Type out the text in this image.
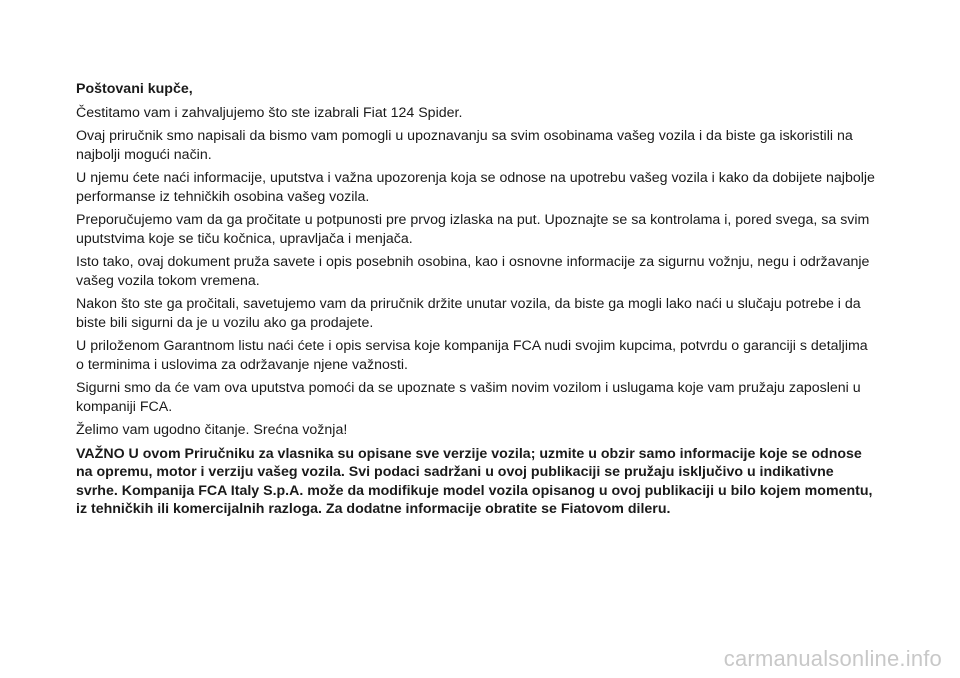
Poštovani kupče,

Čestitamo vam i zahvaljujemo što ste izabrali Fiat 124 Spider.

Ovaj priručnik smo napisali da bismo vam pomogli u upoznavanju sa svim osobinama vašeg vozila i da biste ga iskoristili na najbolji mogući način.

U njemu ćete naći informacije, uputstva i važna upozorenja koja se odnose na upotrebu vašeg vozila i kako da dobijete najbolje performanse iz tehničkih osobina vašeg vozila.

Preporučujemo vam da ga pročitate u potpunosti pre prvog izlaska na put. Upoznajte se sa kontrolama i, pored svega, sa svim uputstvima koje se tiču kočnica, upravljača i menjača.

Isto tako, ovaj dokument pruža savete i opis posebnih osobina, kao i osnovne informacije za sigurnu vožnju, negu i održavanje vašeg vozila tokom vremena.

Nakon što ste ga pročitali, savetujemo vam da priručnik držite unutar vozila, da biste ga mogli lako naći u slučaju potrebe i da biste bili sigurni da je u vozilu ako ga prodajete.

U priloženom Garantnom listu naći ćete i opis servisa koje kompanija FCA nudi svojim kupcima, potvrdu o garanciji s detaljima o terminima i uslovima za održavanje njene važnosti.

Sigurni smo da će vam ova uputstva pomoći da se upoznate s vašim novim vozilom i uslugama koje vam pružaju zaposleni u kompaniji FCA.

Želimo vam ugodno čitanje. Srećna vožnja!

VAŽNO U ovom Priručniku za vlasnika su opisane sve verzije vozila; uzmite u obzir samo informacije koje se odnose na opremu, motor i verziju vašeg vozila. Svi podaci sadržani u ovoj publikaciji se pružaju isključivo u indikativne svrhe. Kompanija FCA Italy S.p.A. može da modifikuje model vozila opisanog u ovoj publikaciji u bilo kojem momentu, iz tehničkih ili komercijalnih razloga. Za dodatne informacije obratite se Fiatovom dileru.

carmanualsonline.info
